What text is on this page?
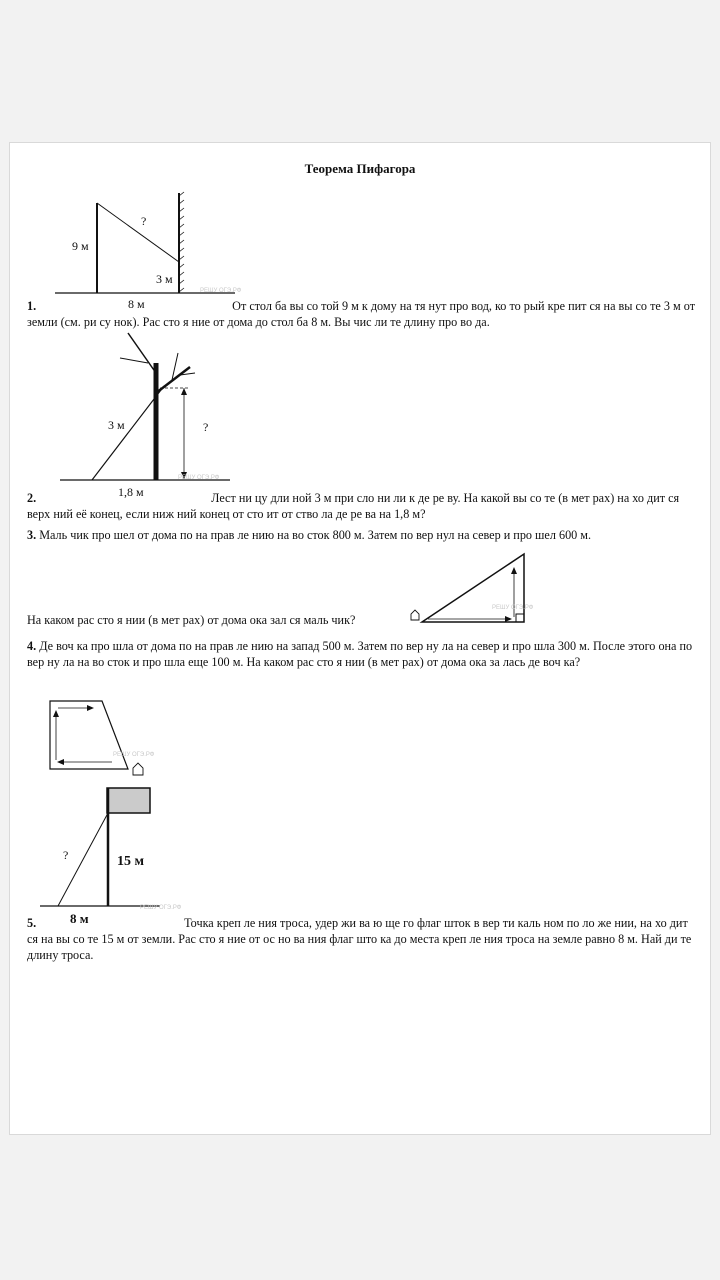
Теорема Пифагора
9 м
3 м
?
8 м
РЕШУ ОГЭ.РФ
1.	От стол ба вы со той 9 м к дому на тя нут про вод, ко то рый кре пит ся на вы со те 3 м от земли (см. ри су нок). Рас сто я ние от дома до стол ба 8 м. Вы чис ли те длину про во да.
3 м	?
1,8 м
РЕШУ ОГЭ.РФ
2.	Лест ни цу дли ной 3 м при сло ни ли к де ре ву. На какой вы со те (в мет рах) на хо дит ся верх ний её конец, если ниж ний конец от сто ит от ство ла де ре ва на 1,8 м?
3. Маль чик про шел от дома по на прав ле нию на во сток 800 м. Затем по вер нул на север и про шел 600 м.
РЕШУ ОГЭ.РФ
На каком рас сто я нии (в мет рах) от дома ока зал ся маль чик?
4. Де воч ка про шла от дома по на прав ле нию на запад 500 м. Затем по вер ну ла на север и про шла 300 м. После этого она по вер ну ла на во сток и про шла еще 100 м. На каком рас сто я нии (в мет рах) от дома ока за лась де воч ка?
РЕШУ ОГЭ.РФ
?	15 м
8 м
РЕШУ ОГЭ.РФ
5.	Точка креп ле ния троса, удер жи ва ю ще го флаг шток в вер ти каль ном по ло же нии, на хо дит ся на вы со те 15 м от земли. Рас сто я ние от ос но ва ния флаг што ка до места креп ле ния троса на земле равно 8 м. Най ди те длину троса.
